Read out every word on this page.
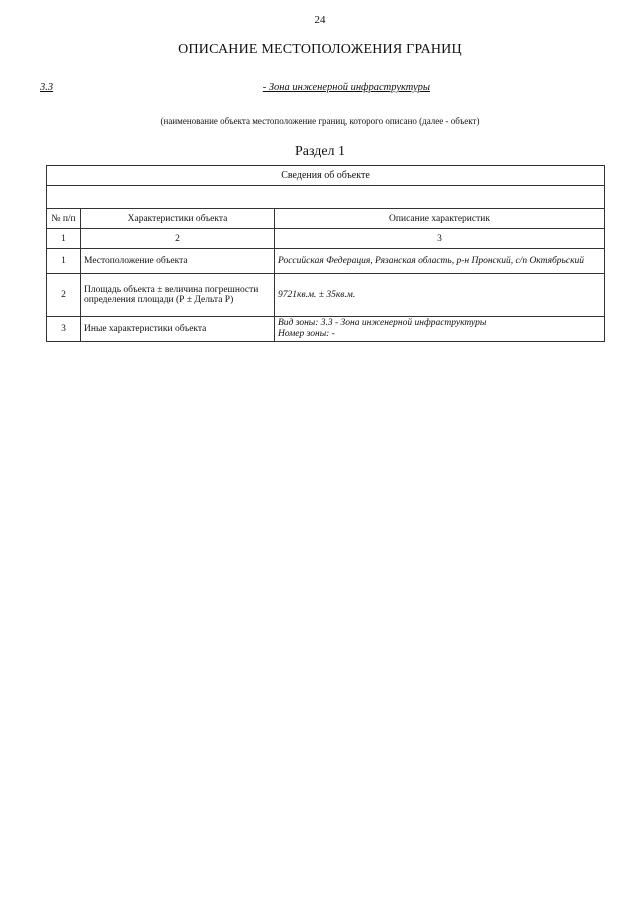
24
ОПИСАНИЕ МЕСТОПОЛОЖЕНИЯ ГРАНИЦ
3.3	- Зона инженерной инфраструктуры
(наименование объекта местоположение границ, которого описано (далее - объект)
Раздел 1
Сведения об объекте		

№ п/п	Характеристики объекта	Описание характеристик
1	2	3
1	Местоположение объекта	Российская Федерация, Рязанская область, р-н Пронский, с/п Октябрьский
2	Площадь объекта ± величина погрешности определения площади (Р ± Дельта Р)	9721кв.м. ± 35кв.м.
3	Иные характеристики объекта	Вид зоны: 3.3 - Зона инженерной инфраструктуры
Номер зоны: -
